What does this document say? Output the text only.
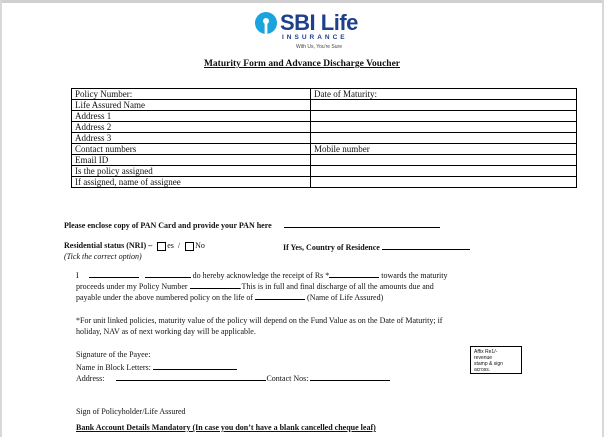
SBI Life
INSURANCE
With Us, You're Sure
Maturity Form and Advance Discharge Voucher
Policy Number:	Date of Maturity:
Life Assured Name	
Address 1	
Address 2	
Address 3	
Contact numbers	Mobile number
Email ID	
Is the policy assigned	
If assigned, name of assignee	
Please enclose copy of PAN Card and provide your PAN here
Residential status (NRI) – es / No	If Yes, Country of Residence
(Tick the correct option)
I	do hereby acknowledge the receipt of Rs *	towards the maturity
proceeds under my Policy Number	.This is in full and final discharge of all the amounts due and
payable under the above numbered policy on the life of	(Name of Life Assured)
*For unit linked policies, maturity value of the policy will depend on the Fund Value as on the Date of Maturity; if
holiday, NAV as of next working day will be applicable.
Signature of the Payee:
Name in Block Letters:
Address:	Contact Nos:
Affix Re1/-
revenue
stamp & sign
across.
Sign of Policyholder/Life Assured
Bank Account Details Mandatory (In case you don’t have a blank cancelled cheque leaf)
